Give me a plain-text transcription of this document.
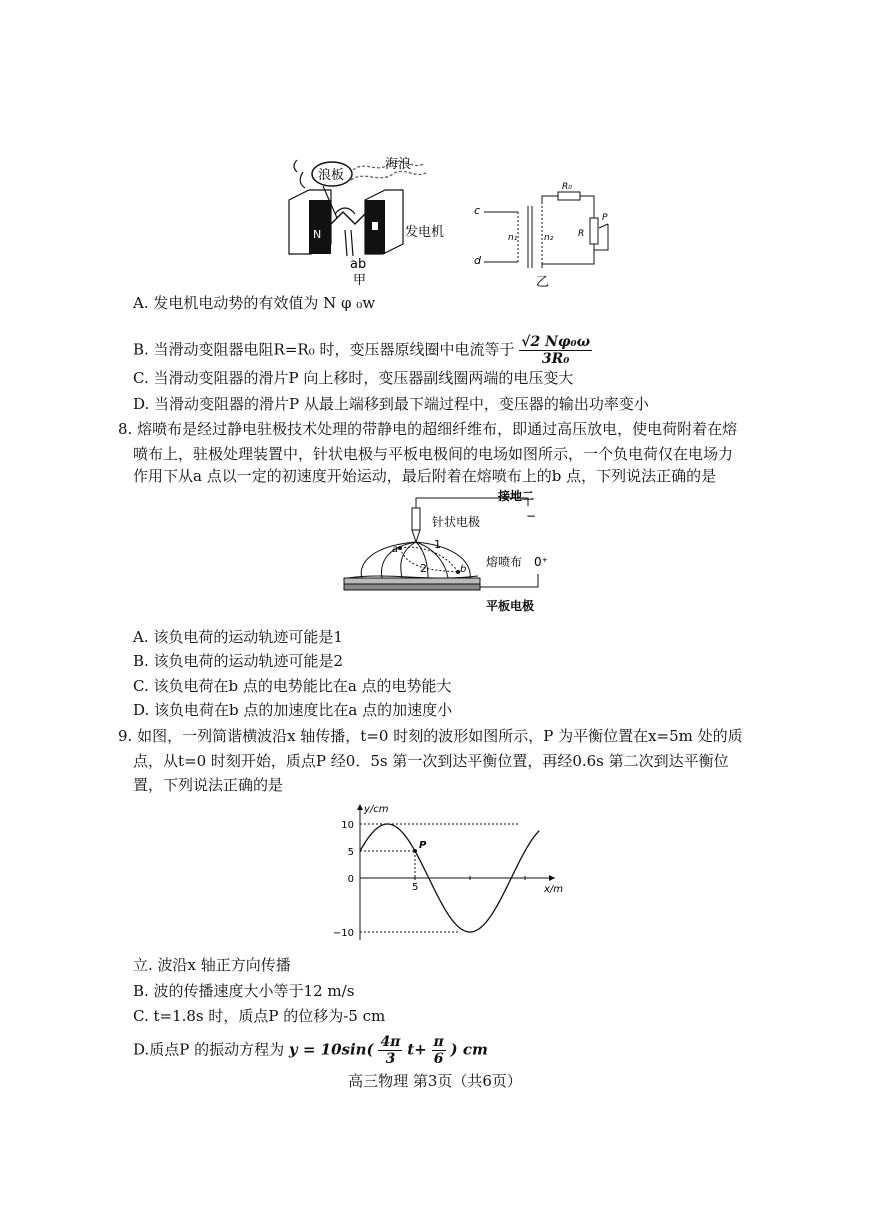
浪板
海浪
N	发电机
ab
甲
c
d
n₁	n₂
R₀
R
P
乙
A. 发电机电动势的有效值为 N φ ₀w
B. 当滑动变阻器电阻R=R₀ 时，变压器原线圈中电流等于 $\frac{\text{√2 Nφ₀ω}}{\text{3R₀}}$
C. 当滑动变阻器的滑片P 向上移时，变压器副线圈两端的电压变大
D. 当滑动变阻器的滑片P 从最上端移到最下端过程中，变压器的输出功率变小
8. 熔喷布是经过静电驻极技术处理的带静电的超细纤维布，即通过高压放电，使电荷附着在熔
喷布上，驻极处理装置中，针状电极与平板电极间的电场如图所示，一个负电荷仅在电场力
作用下从a 点以一定的初速度开始运动，最后附着在熔喷布上的b 点，下列说法正确的是
接地二
−
针状电极
1
2
a
b
熔喷布 0⁺
平板电极
A. 该负电荷的运动轨迹可能是1
B. 该负电荷的运动轨迹可能是2
C. 该负电荷在b 点的电势能比在a 点的电势能大
D. 该负电荷在b 点的加速度比在a 点的加速度小
9. 如图，一列简谐横波沿x 轴传播，t=0 时刻的波形如图所示，P 为平衡位置在x=5m 处的质
点，从t=0 时刻开始，质点P 经0．5s 第一次到达平衡位置，再经0.6s 第二次到达平衡位
置，下列说法正确的是
y/cm
x/m
P
10
5
0
−10
5
立. 波沿x 轴正方向传播
B. 波的传播速度大小等于12 m/s
C. t=1.8s 时，质点P 的位移为-5 cm
D.质点P 的振动方程为 $y = 10\sin( \frac{4\pi}{3} t+ \frac{\pi}{6}$ ) cm
高三物理 第3页（共6页）
